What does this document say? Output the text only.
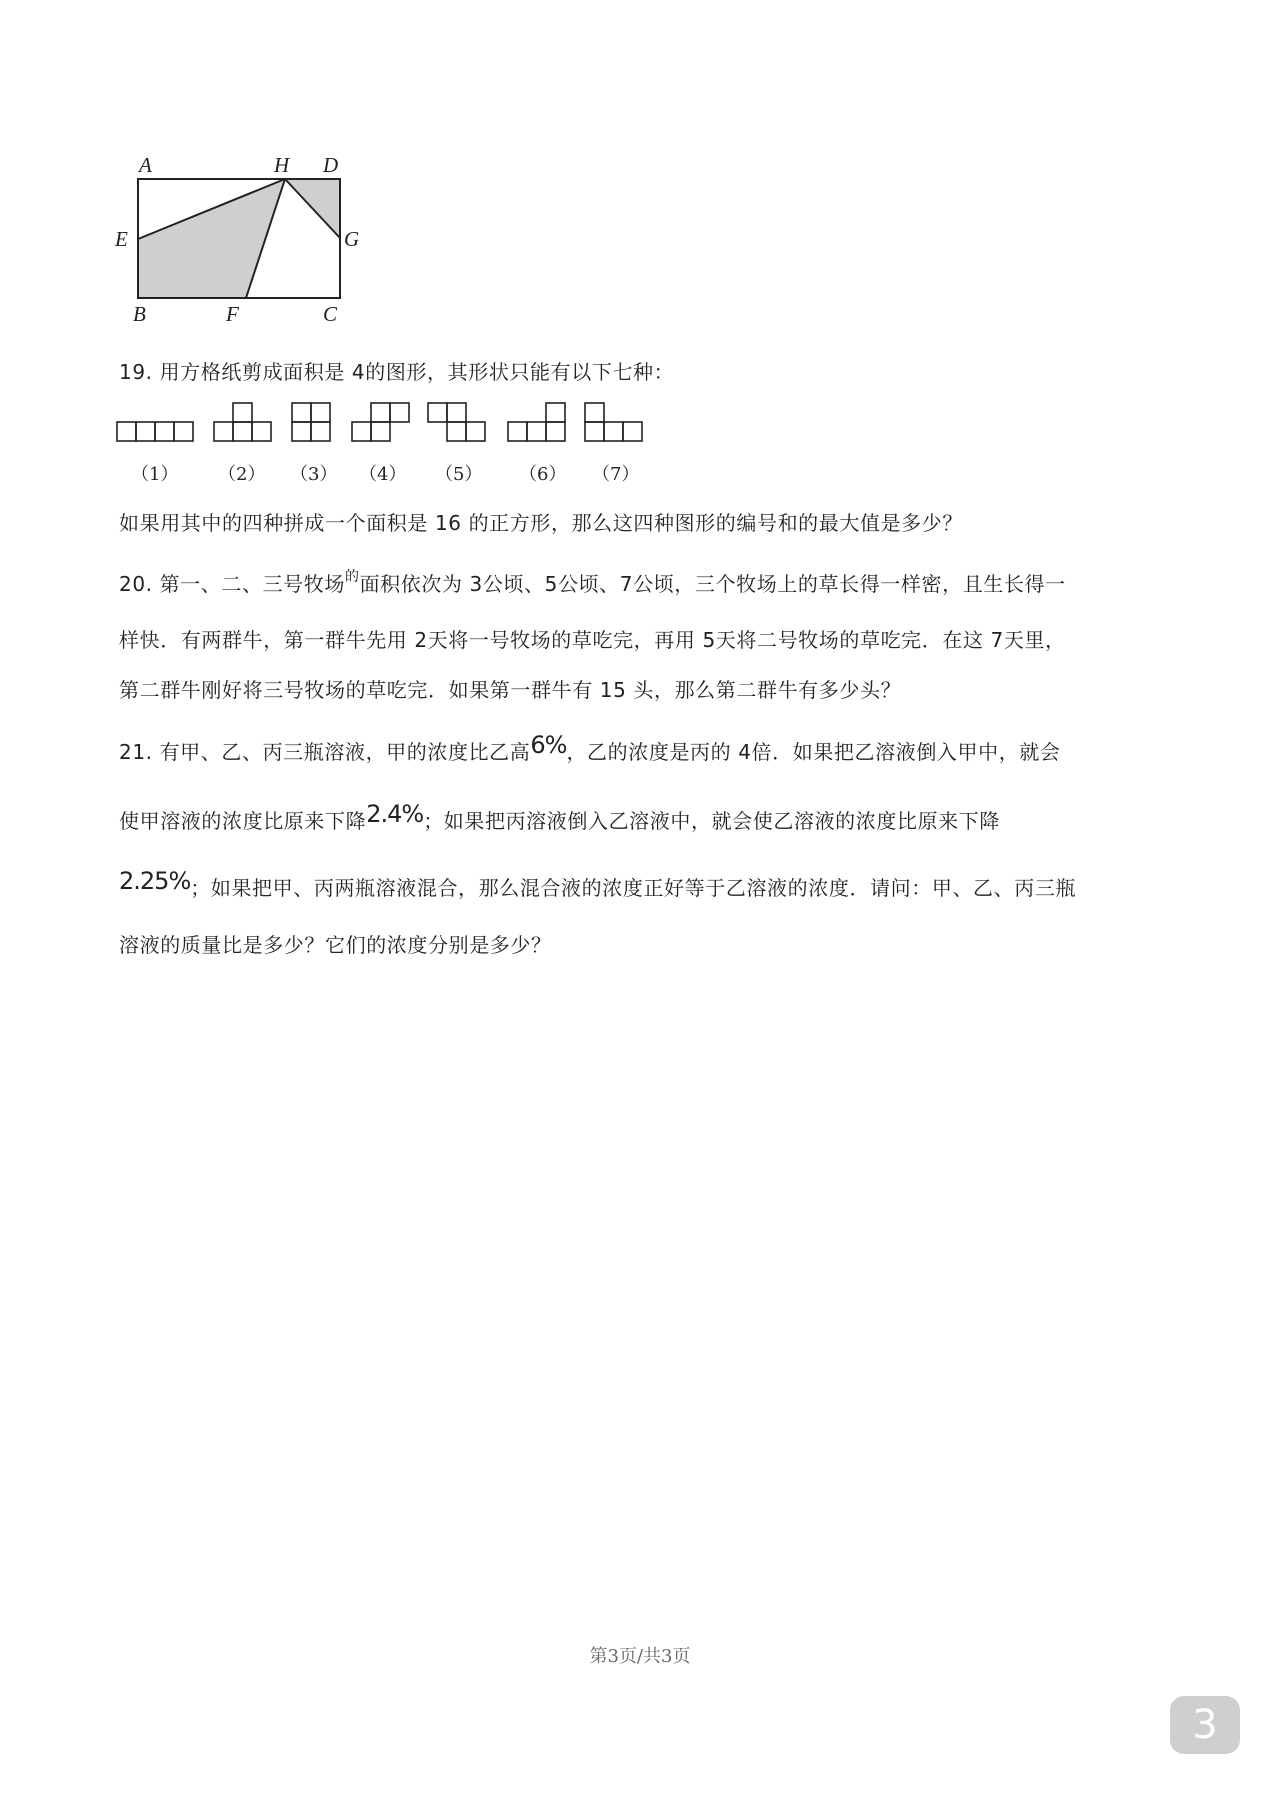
A	H D
E	G
B	F	C
19. 用方格纸剪成面积是 4的图形，其形状只能有以下七种：
（1） （2） （3） （4） （5） （6） （7）
如果用其中的四种拼成一个面积是 16 的正方形，那么这四种图形的编号和的最大值是多少？
20. 第一、二、三号牧场$^的$面积依次为 3公顷、5公顷、7公顷，三个牧场上的草长得一样密，且生长得一
样快．有两群牛，第一群牛先用 2天将一号牧场的草吃完，再用 5天将二号牧场的草吃完．在这 7天里，
第二群牛刚好将三号牧场的草吃完．如果第一群牛有 15 头，那么第二群牛有多少头？
21. 有甲、乙、丙三瓶溶液，甲的浓度比乙高6%，乙的浓度是丙的 4倍．如果把乙溶液倒入甲中，就会
使甲溶液的浓度比原来下降2.4%；如果把丙溶液倒入乙溶液中，就会使乙溶液的浓度比原来下降
2.25%；如果把甲、丙两瓶溶液混合，那么混合液的浓度正好等于乙溶液的浓度．请问：甲、乙、丙三瓶
溶液的质量比是多少？它们的浓度分别是多少？
第3页/共3页
3
